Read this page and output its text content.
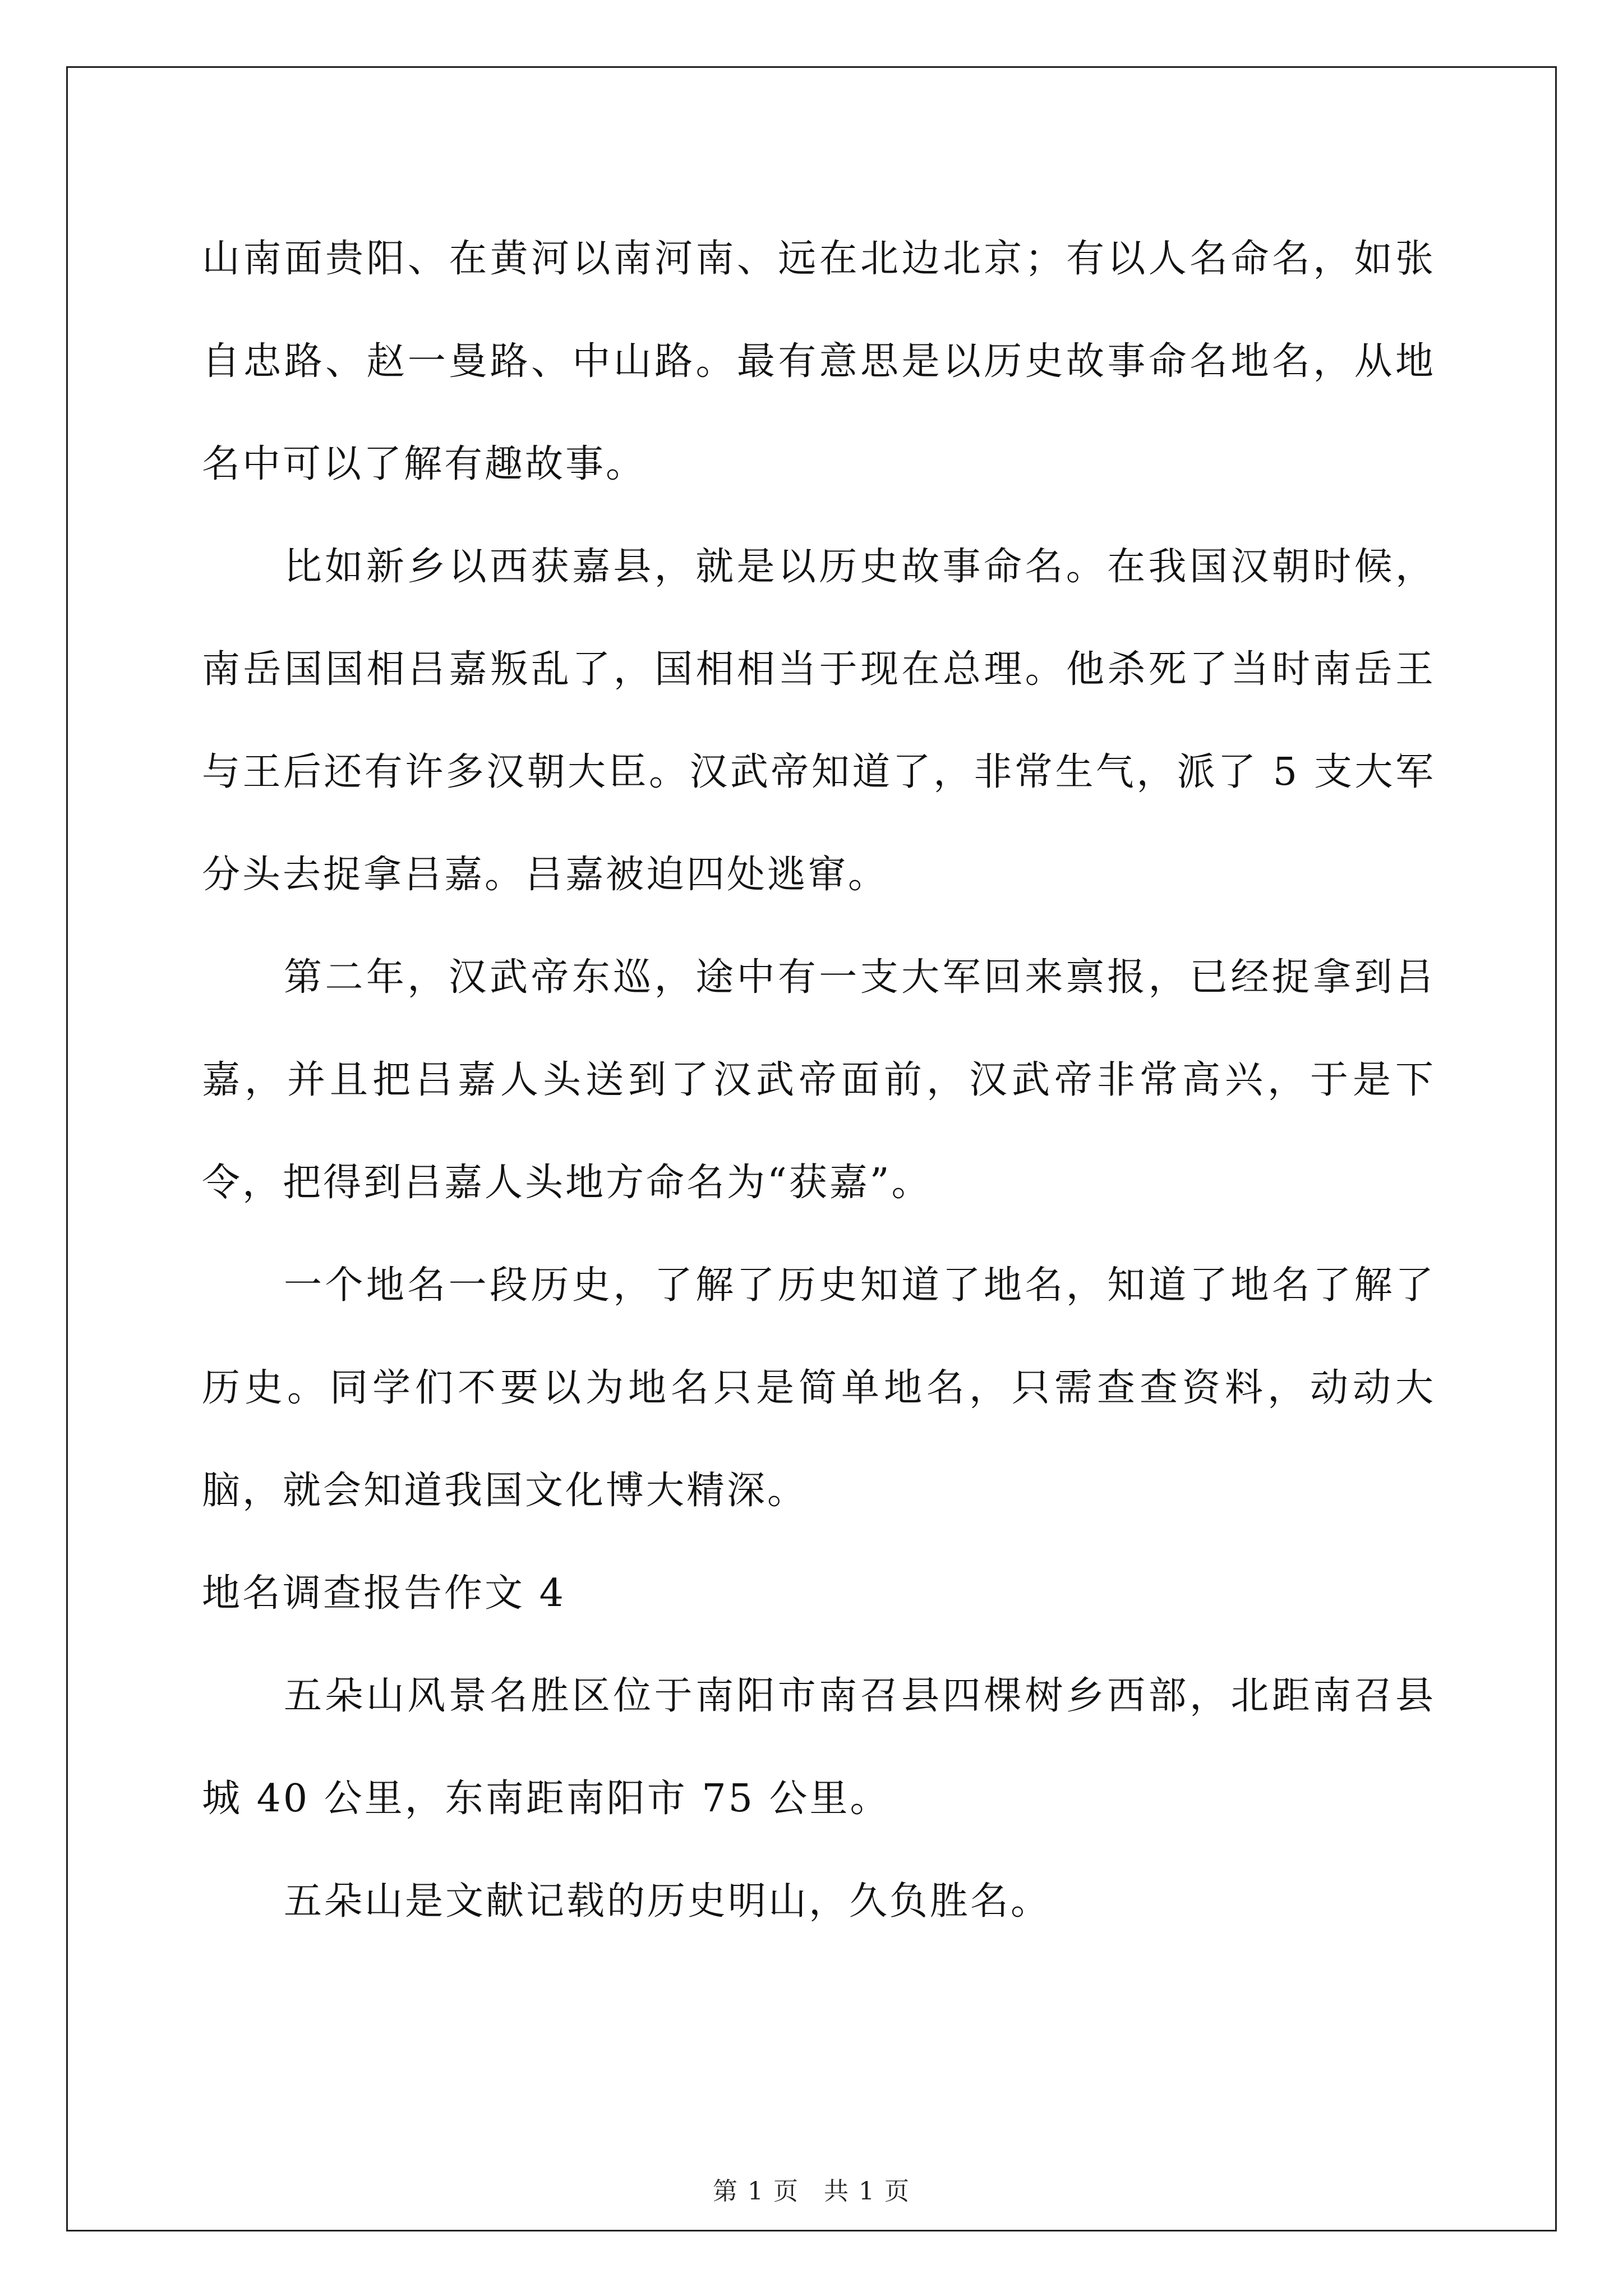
山南面贵阳、在黄河以南河南、远在北边北京；有以人名命名，如张自忠路、赵一曼路、中山路。最有意思是以历史故事命名地名，从地名中可以了解有趣故事。

比如新乡以西获嘉县，就是以历史故事命名。在我国汉朝时候，南岳国国相吕嘉叛乱了，国相相当于现在总理。他杀死了当时南岳王与王后还有许多汉朝大臣。汉武帝知道了，非常生气，派了 5 支大军分头去捉拿吕嘉。吕嘉被迫四处逃窜。

第二年，汉武帝东巡，途中有一支大军回来禀报，已经捉拿到吕嘉，并且把吕嘉人头送到了汉武帝面前，汉武帝非常高兴，于是下令，把得到吕嘉人头地方命名为“获嘉”。

一个地名一段历史，了解了历史知道了地名，知道了地名了解了历史。同学们不要以为地名只是简单地名，只需查查资料，动动大脑，就会知道我国文化博大精深。

地名调查报告作文 4

五朵山风景名胜区位于南阳市南召县四棵树乡西部，北距南召县城 40 公里，东南距南阳市 75 公里。

五朵山是文献记载的历史明山，久负胜名。

第 1 页 共 1 页
